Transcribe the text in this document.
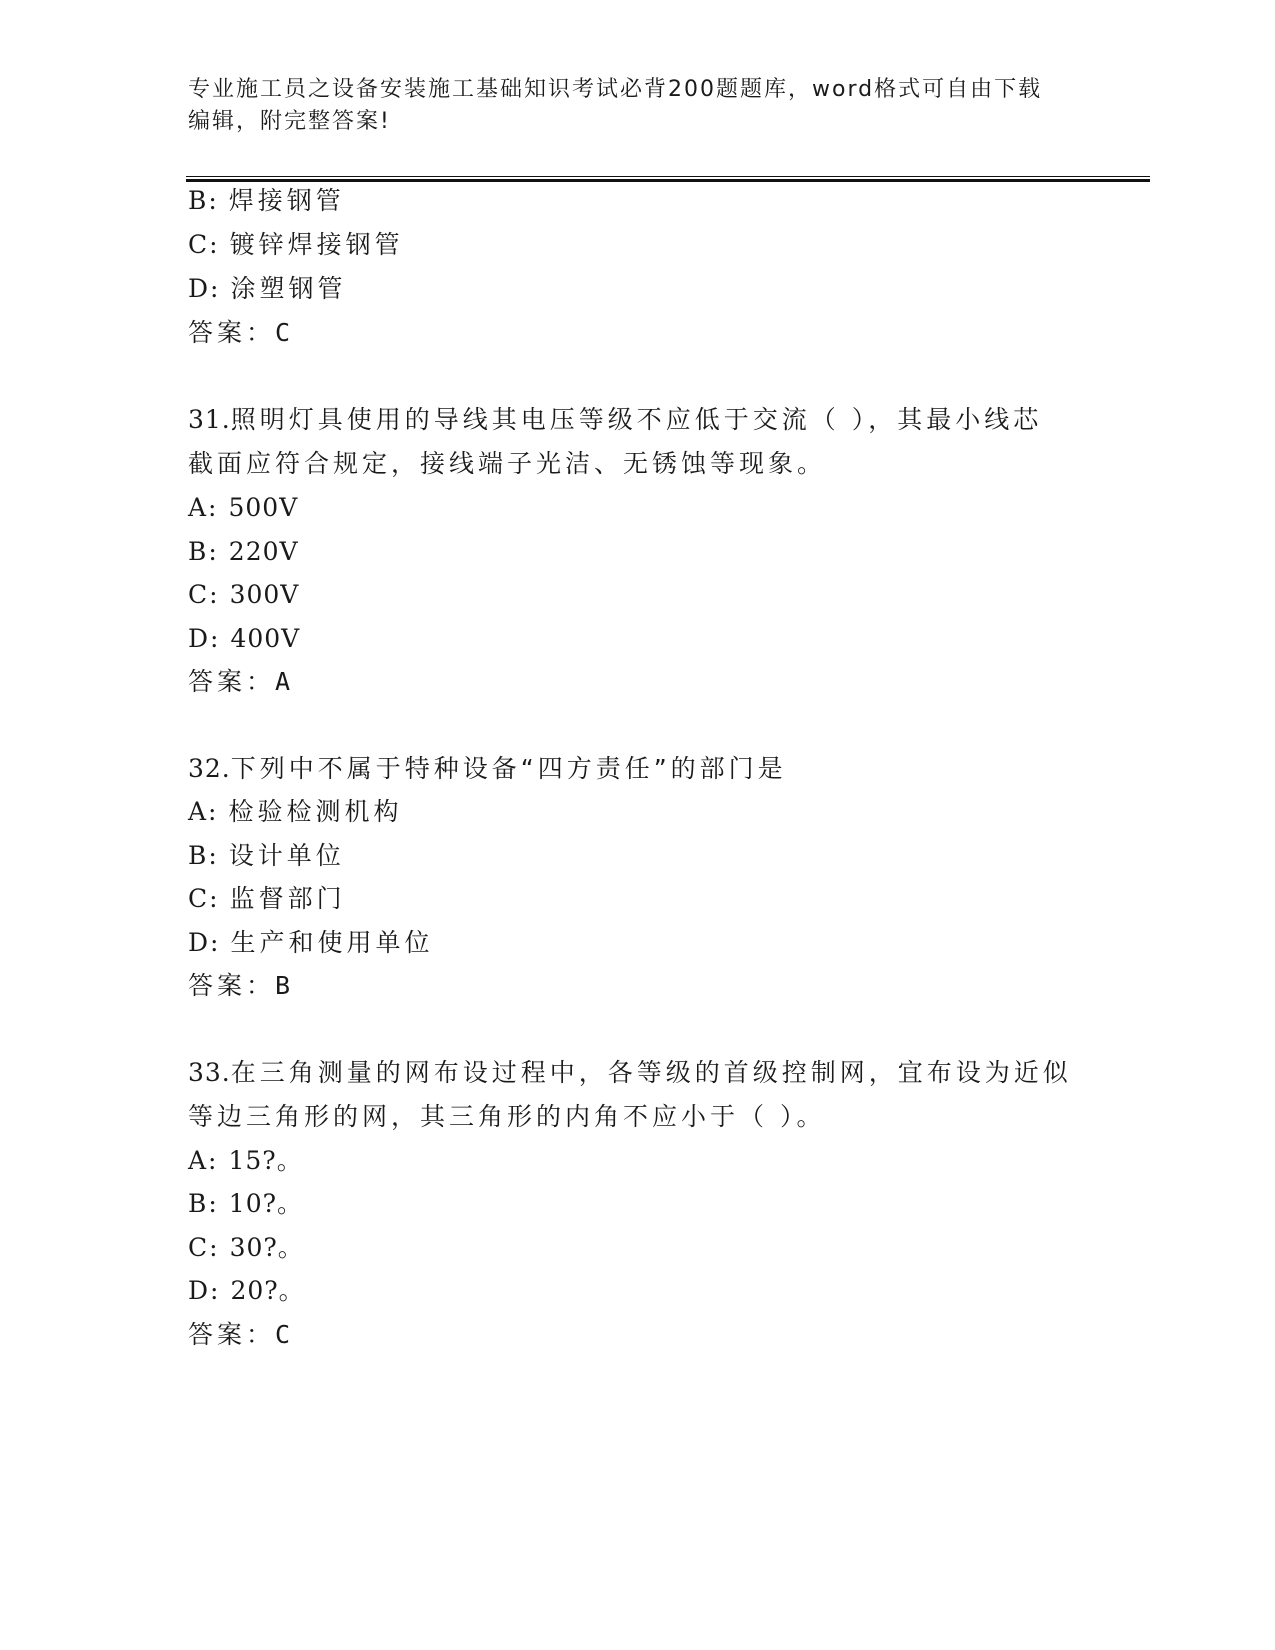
专业施工员之设备安装施工基础知识考试必背200题题库，word格式可自由下载
编辑，附完整答案!
B: 焊接钢管
C: 镀锌焊接钢管
D: 涂塑钢管
答案：C
31.照明灯具使用的导线其电压等级不应低于交流（ ），其最小线芯
截面应符合规定，接线端子光洁、无锈蚀等现象。
A: 500V
B: 220V
C: 300V
D: 400V
答案：A
32.下列中不属于特种设备“四方责任”的部门是
A: 检验检测机构
B: 设计单位
C: 监督部门
D: 生产和使用单位
答案：B
33.在三角测量的网布设过程中，各等级的首级控制网，宜布设为近似
等边三角形的网，其三角形的内角不应小于（ ）。
A: 15?。
B: 10?。
C: 30?。
D: 20?。
答案：C
